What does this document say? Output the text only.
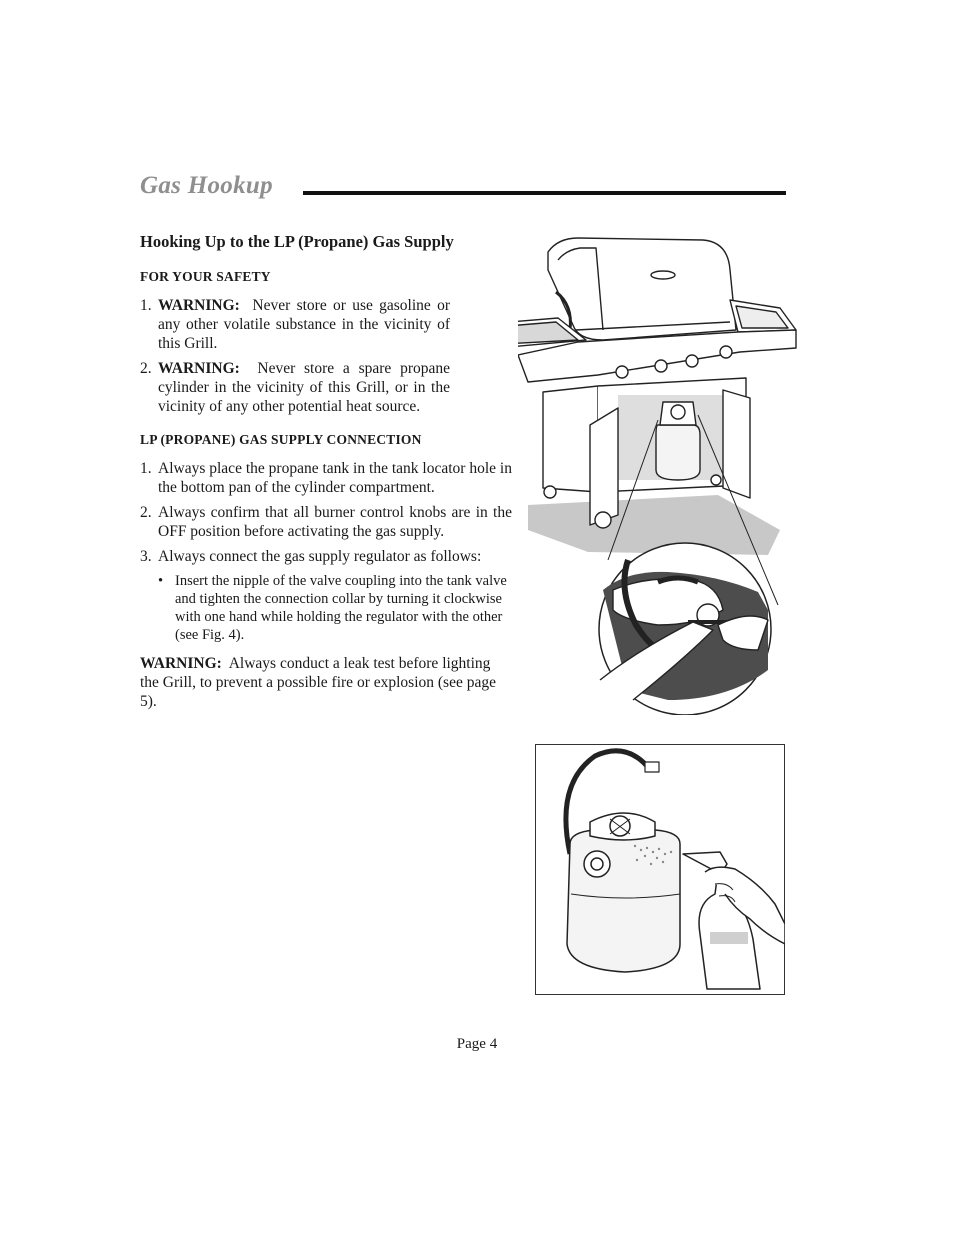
Gas Hookup
Hooking Up to the LP (Propane) Gas Supply
FOR YOUR SAFETY
1. WARNING: Never store or use gasoline or any other volatile substance in the vicinity of this Grill.
2. WARNING: Never store a spare propane cylinder in the vicinity of this Grill, or in the vicinity of any other potential heat source.
LP (PROPANE) GAS SUPPLY CONNECTION
1. Always place the propane tank in the tank locator hole in the bottom pan of the cylinder compartment.
2. Always confirm that all burner control knobs are in the OFF position before activating the gas supply.
3. Always connect the gas supply regulator as follows:
• Insert the nipple of the valve coupling into the tank valve and tighten the connection collar by turning it clockwise with one hand while holding the regulator with the other (see Fig. 4).
WARNING: Always conduct a leak test before lighting the Grill, to prevent a possible fire or explosion (see page 5).
Page 4
